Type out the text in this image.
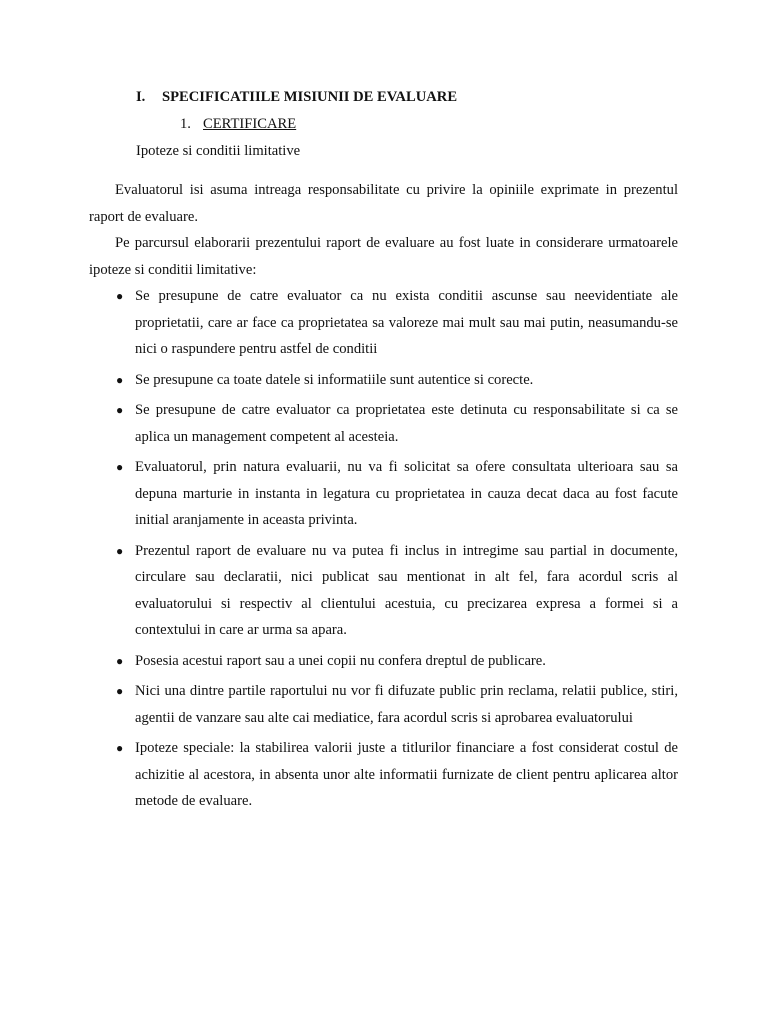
I. SPECIFICATIILE MISIUNII DE EVALUARE
1. CERTIFICARE
Ipoteze si conditii limitative

Evaluatorul isi asuma intreaga responsabilitate cu privire la opiniile exprimate in prezentul raport de evaluare.

Pe parcursul elaborarii prezentului raport de evaluare au fost luate in considerare urmatoarele ipoteze si conditii limitative:

● Se presupune de catre evaluator ca nu exista conditii ascunse sau neevidentiate ale proprietatii, care ar face ca proprietatea sa valoreze mai mult sau mai putin, neasumandu-se nici o raspundere pentru astfel de conditii
● Se presupune ca toate datele si informatiile sunt autentice si corecte.
● Se presupune de catre evaluator ca proprietatea este detinuta cu responsabilitate si ca se aplica un management competent al acesteia.
● Evaluatorul, prin natura evaluarii, nu va fi solicitat sa ofere consultata ulterioara sau sa depuna marturie in instanta in legatura cu proprietatea in cauza decat daca au fost facute initial aranjamente in aceasta privinta.
● Prezentul raport de evaluare nu va putea fi inclus in intregime sau partial in documente, circulare sau declaratii, nici publicat sau mentionat in alt fel, fara acordul scris al evaluatorului si respectiv al clientului acestuia, cu precizarea expresa a formei si a contextului in care ar urma sa apara.
● Posesia acestui raport sau a unei copii nu confera dreptul de publicare.
● Nici una dintre partile raportului nu vor fi difuzate public prin reclama, relatii publice, stiri, agentii de vanzare sau alte cai mediatice, fara acordul scris si aprobarea evaluatorului
● Ipoteze speciale: la stabilirea valorii juste a titlurilor financiare a fost considerat costul de achizitie al acestora, in absenta unor alte informatii furnizate de client pentru aplicarea altor metode de evaluare.
